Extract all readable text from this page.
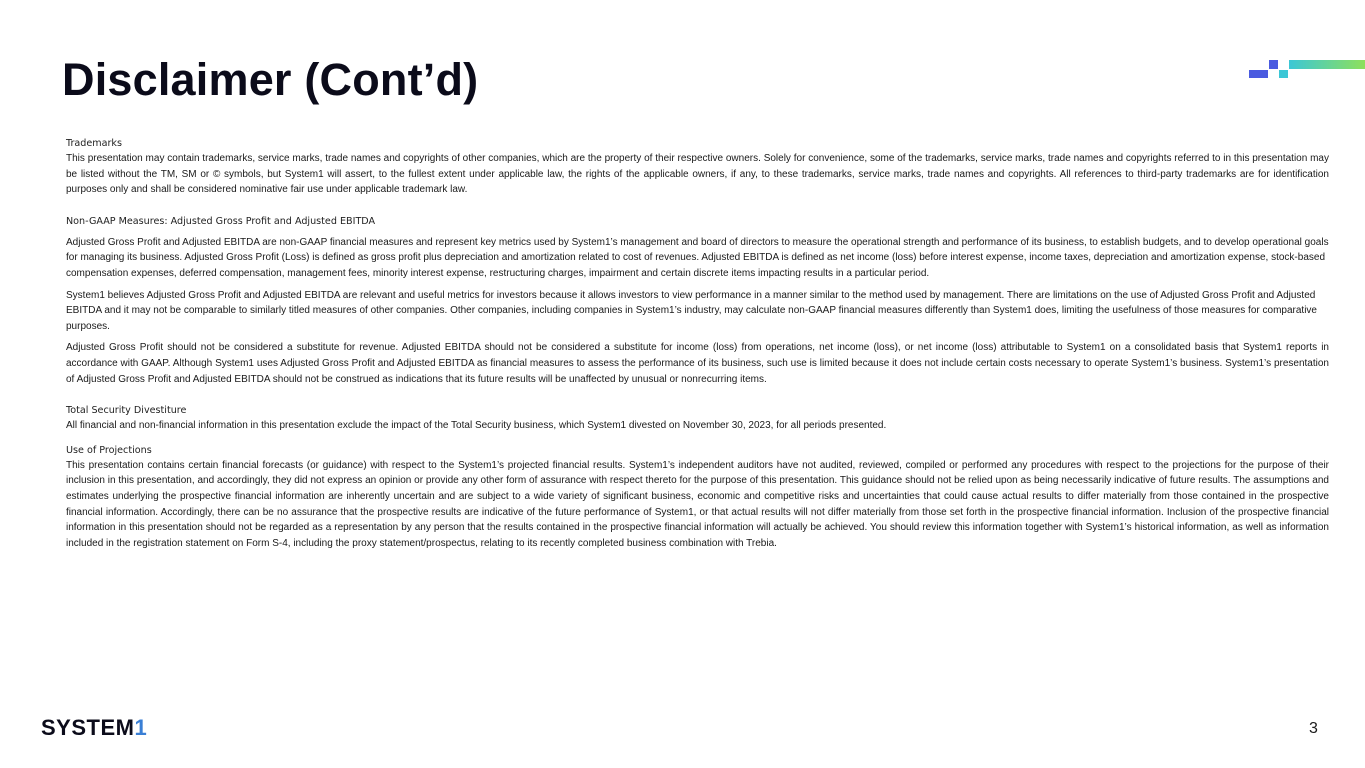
Disclaimer (Cont’d)

Trademarks

This presentation may contain trademarks, service marks, trade names and copyrights of other companies, which are the property of their respective owners. Solely for convenience, some of the trademarks, service marks, trade names and copyrights referred to in this presentation may be listed without the TM, SM or © symbols, but System1 will assert, to the fullest extent under applicable law, the rights of the applicable owners, if any, to these trademarks, service marks, trade names and copyrights. All references to third-party trademarks are for identification purposes only and shall be considered nominative fair use under applicable trademark law.

Non-GAAP Measures: Adjusted Gross Profit and Adjusted EBITDA

Adjusted Gross Profit and Adjusted EBITDA are non-GAAP financial measures and represent key metrics used by System1’s management and board of directors to measure the operational strength and performance of its business, to establish budgets, and to develop operational goals for managing its business. Adjusted Gross Profit (Loss) is defined as gross profit plus depreciation and amortization related to cost of revenues. Adjusted EBITDA is defined as net income (loss) before interest expense, income taxes, depreciation and amortization expense, stock-based compensation expenses, deferred compensation, management fees, minority interest expense, restructuring charges, impairment and certain discrete items impacting results in a particular period.

System1 believes Adjusted Gross Profit and Adjusted EBITDA are relevant and useful metrics for investors because it allows investors to view performance in a manner similar to the method used by management. There are limitations on the use of Adjusted Gross Profit and Adjusted EBITDA and it may not be comparable to similarly titled measures of other companies. Other companies, including companies in System1’s industry, may calculate non-GAAP financial measures differently than System1 does, limiting the usefulness of those measures for comparative purposes.

Adjusted Gross Profit should not be considered a substitute for revenue. Adjusted EBITDA should not be considered a substitute for income (loss) from operations, net income (loss), or net income (loss) attributable to System1 on a consolidated basis that System1 reports in accordance with GAAP. Although System1 uses Adjusted Gross Profit and Adjusted EBITDA as financial measures to assess the performance of its business, such use is limited because it does not include certain costs necessary to operate System1’s business. System1’s presentation of Adjusted Gross Profit and Adjusted EBITDA should not be construed as indications that its future results will be unaffected by unusual or nonrecurring items.

Total Security Divestiture

All financial and non-financial information in this presentation exclude the impact of the Total Security business, which System1 divested on November 30, 2023, for all periods presented.

Use of Projections

This presentation contains certain financial forecasts (or guidance) with respect to the System1’s projected financial results. System1’s independent auditors have not audited, reviewed, compiled or performed any procedures with respect to the projections for the purpose of their inclusion in this presentation, and accordingly, they did not express an opinion or provide any other form of assurance with respect thereto for the purpose of this presentation. This guidance should not be relied upon as being necessarily indicative of future results. The assumptions and estimates underlying the prospective financial information are inherently uncertain and are subject to a wide variety of significant business, economic and competitive risks and uncertainties that could cause actual results to differ materially from those contained in the prospective financial information. Accordingly, there can be no assurance that the prospective results are indicative of the future performance of System1, or that actual results will not differ materially from those set forth in the prospective financial information. Inclusion of the prospective financial information in this presentation should not be regarded as a representation by any person that the results contained in the prospective financial information will actually be achieved. You should review this information together with System1’s historical information, as well as information included in the registration statement on Form S-4, including the proxy statement/prospectus, relating to its recently completed business combination with Trebia.

SYSTEM1	3
